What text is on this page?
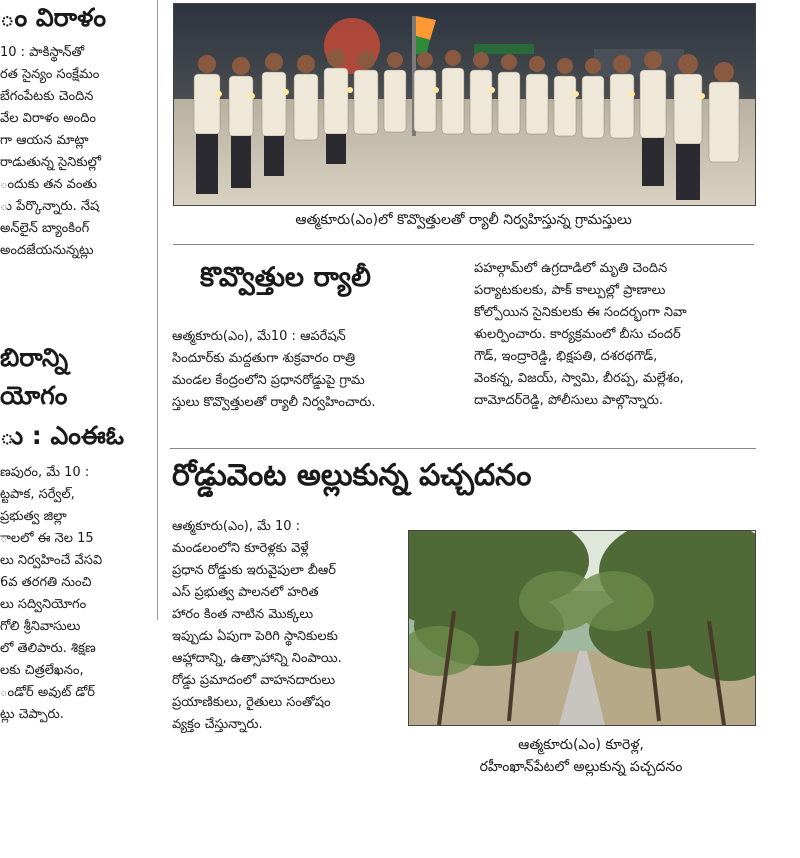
ం విరాళం
10 : పాకిస్థాన్‌తో
రత సైన్యం సంక్షేమం
బేగంపేటకు చెందిన
వేల విరాళం అందిం
గా ఆయన మాట్లా
రాడుతున్న సైనికుల్లో
ందుకు తన వంతు
ు పేర్కొన్నారు. నేష
అన్‌లైన్ బ్యాంకింగ్
అందజేయనున్నట్లు
బిరాన్ని
యోగం
ు : ఎంఈఓ
ణపురం, మే 10 :
ట్టపాక, సర్వేల్,
ప్రభుత్వ జిల్లా
ాలలో ఈ నెల 15
లు నిర్వహించే వేసవి
6వ తరగతి నుంచి
లు సద్వినియోగం
గోలి శ్రీనివాసులు
లో తెలిపారు. శిక్షణ
లకు చిత్రలేఖనం,
ండోర్ అవుట్ డోర్
ట్లు చెప్పారు.
ఆత్మకూరు(ఎం)లో కొవ్వొత్తులతో ర్యాలీ నిర్వహిస్తున్న గ్రామస్తులు
కొవ్వొత్తుల ర్యాలీ
ఆత్మకూరు(ఎం), మే10 : ఆపరేషన్
సిందూర్‌కు మద్దతుగా శుక్రవారం రాత్రి
మండల కేంద్రంలోని ప్రధానరోడ్డుపై గ్రామ
స్తులు కొవ్వొత్తులతో ర్యాలీ నిర్వహించారు.
పహల్గామ్‌లో ఉగ్రదాడిలో మృతి చెందిన
పర్యాటకులకు, పాక్ కాల్పుల్లో ప్రాణాలు
కోల్పోయిన సైనికులకు ఈ సందర్భంగా నివా
ళులర్పించారు. కార్యక్రమంలో బీసు చందర్
గౌడ్, ఇంద్రారెడ్డి, భిక్షపతి, దశరథగౌడ్,
వెంకన్న, విజయ్, స్వామి, బీరప్ప, మల్లేశం,
దామోదర్‌రెడ్డి, పోలీసులు పాల్గొన్నారు.
రోడ్డువెంట అల్లుకున్న పచ్చదనం
ఆత్మకూరు(ఎం), మే 10 :
మండలంలోని కూరెళ్లకు వెళ్లే
ప్రధాన రోడ్డుకు ఇరువైపులా బీఆర్
ఎస్ ప్రభుత్వ పాలనలో హరిత
హారం కింత నాటిన మొక్కలు
ఇప్పుడు ఏపుగా పెరిగి స్థానికులకు
ఆహ్లాదాన్ని, ఉత్సాహాన్ని నింపాయి.
రోడ్డు ప్రమాదంలో వాహనదారులు
ప్రయాణికులు, రైతులు సంతోషం
వ్యక్తం చేస్తున్నారు.
ఆత్మకూరు(ఎం) కూరెళ్ల,
రహీంఖాన్‌పేటలో అల్లుకున్న పచ్చదనం
